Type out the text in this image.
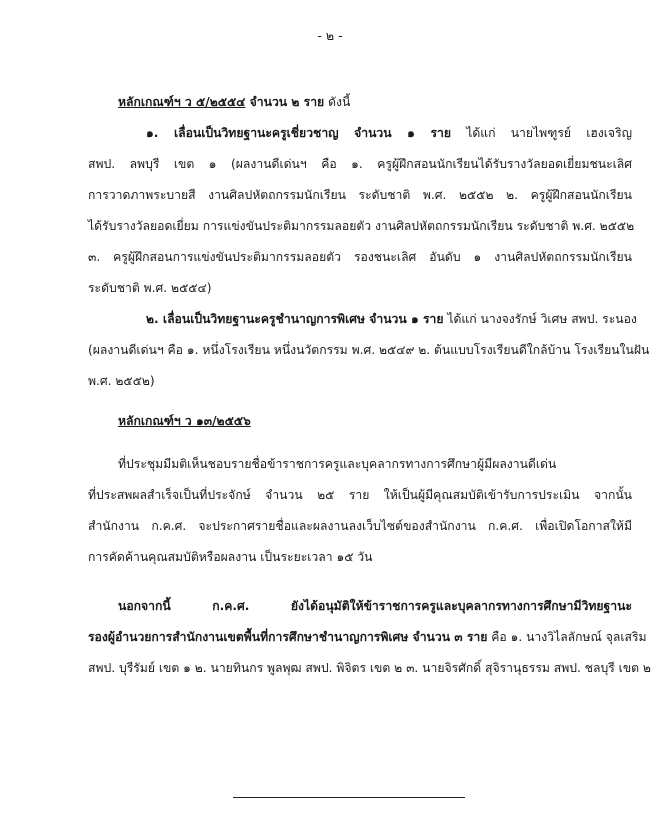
- ๒ -
หลักเกณฑ์ฯ ว ๕/๒๕๕๔ จำนวน ๒ ราย ดังนี้
๑. เลื่อนเป็นวิทยฐานะครูเชี่ยวชาญ จำนวน ๑ ราย ได้แก่ นายไพฑูรย์ เฮงเจริญ
สพป. ลพบุรี เขต ๑ (ผลงานดีเด่นฯ คือ ๑. ครูผู้ฝึกสอนนักเรียนได้รับรางวัลยอดเยี่ยมชนะเลิศ
การวาดภาพระบายสี งานศิลปหัตถกรรมนักเรียน ระดับชาติ พ.ศ. ๒๕๕๒ ๒. ครูผู้ฝึกสอนนักเรียน
ได้รับรางวัลยอดเยี่ยม การแข่งขันประติมากรรมลอยตัว งานศิลปหัตถกรรมนักเรียน ระดับชาติ พ.ศ. ๒๕๕๒
๓. ครูผู้ฝึกสอนการแข่งขันประติมากรรมลอยตัว รองชนะเลิศ อันดับ ๑ งานศิลปหัตถกรรมนักเรียน
ระดับชาติ พ.ศ. ๒๕๕๔)
๒. เลื่อนเป็นวิทยฐานะครูชำนาญการพิเศษ จำนวน ๑ ราย ได้แก่ นางจงรักษ์ วิเศษ สพป. ระนอง
(ผลงานดีเด่นฯ คือ ๑. หนึ่งโรงเรียน หนึ่งนวัตกรรม พ.ศ. ๒๕๔๙ ๒. ต้นแบบโรงเรียนดีใกล้บ้าน โรงเรียนในฝัน
พ.ศ. ๒๕๕๒)
หลักเกณฑ์ฯ ว ๑๓/๒๕๕๖
ที่ประชุมมีมติเห็นชอบรายชื่อข้าราชการครูและบุคลากรทางการศึกษาผู้มีผลงานดีเด่น
ที่ประสพผลสำเร็จเป็นที่ประจักษ์ จำนวน ๒๕ ราย ให้เป็นผู้มีคุณสมบัติเข้ารับการประเมิน จากนั้น
สำนักงาน ก.ค.ศ. จะประกาศรายชื่อและผลงานลงเว็บไซต์ของสำนักงาน ก.ค.ศ. เพื่อเปิดโอกาสให้มี
การคัดค้านคุณสมบัติหรือผลงาน เป็นระยะเวลา ๑๕ วัน
นอกจากนี้ ก.ค.ศ. ยังได้อนุมัติให้ข้าราชการครูและบุคลากรทางการศึกษามีวิทยฐานะ
รองผู้อำนวยการสำนักงานเขตพื้นที่การศึกษาชำนาญการพิเศษ จำนวน ๓ ราย คือ ๑. นางวิไลลักษณ์ จุลเสริม
สพป. บุรีรัมย์ เขต ๑ ๒. นายทินกร พูลพุฒ สพป. พิจิตร เขต ๒ ๓. นายจิรศักดิ์ สุจิรานุธรรม สพป. ชลบุรี เขต ๒
